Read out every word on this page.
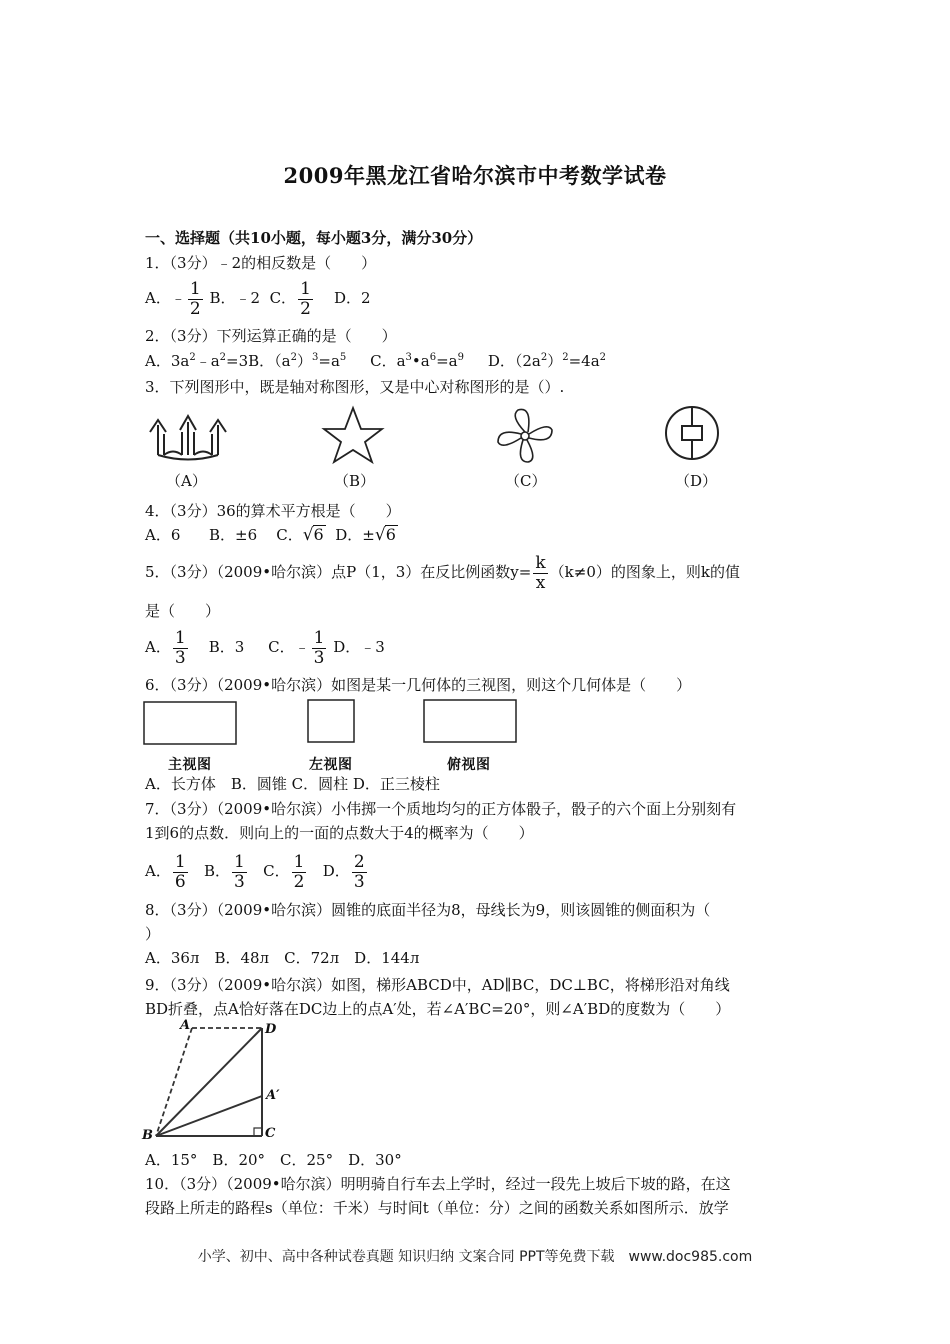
2009年黑龙江省哈尔滨市中考数学试卷
一、选择题（共10小题，每小题3分，满分30分）
1．（3分）﹣2的相反数是（　　）
A．﹣ $\frac{1}{2}$ B．﹣2 C． $\frac{1}{2}$ D．2
2．（3分）下列运算正确的是（　　）
A．$3a^2﹣a^2=3B$．$(a^2)^3=a^5$ C．$a^3•a^6=a^9$ D．$(2a^2)^2=4a^2$
3．下列图形中，既是轴对称图形，又是中心对称图形的是（）.
（A）	（B）	（C）	（D）
4．（3分）36的算术平方根是（　　）
A．6 B．±6 C．√6 D．±√6
5．（3分）（2009•哈尔滨）点P（1，3）在反比例函数$y= \frac{k}{x} (k\ne 0)$的图象上，则k的值
是（　　）
A． $\frac{1}{3}$ B．3 C．﹣ $\frac{1}{3}$ D．﹣3
6．（3分）（2009•哈尔滨）如图是某一几何体的三视图，则这个几何体是（　　）
主视图	左视图	俯视图
A．长方体　B．圆锥 C．圆柱 D．正三棱柱
7．（3分）（2009•哈尔滨）小伟掷一个质地均匀的正方体骰子，骰子的六个面上分别刻有
1到6的点数．则向上的一面的点数大于4的概率为（　　）
A． $\frac{1}{6}$ B． $\frac{1}{3}$ C． $\frac{1}{2}$ D． $\frac{2}{3}$
8．（3分）（2009•哈尔滨）圆锥的底面半径为8，母线长为9，则该圆锥的侧面积为（
）
A．36л　B．48л　C．72л　D．144л
9．（3分）（2009•哈尔滨）如图，梯形ABCD中，AD∥BC，DC⊥BC，将梯形沿对角线
BD折叠，点A恰好落在DC边上的点A′处，若∠A′BC=20°，则∠A′BD的度数为（　　）
A	D
A′
B	C
A．15°　B．20°　C．25°　D．30°
10．（3分）（2009•哈尔滨）明明骑自行车去上学时，经过一段先上坡后下坡的路，在这
段路上所走的路程s（单位：千米）与时间t（单位：分）之间的函数关系如图所示．放学
小学、初中、高中各种试卷真题 知识归纳 文案合同 PPT等免费下载　www.doc985.com
